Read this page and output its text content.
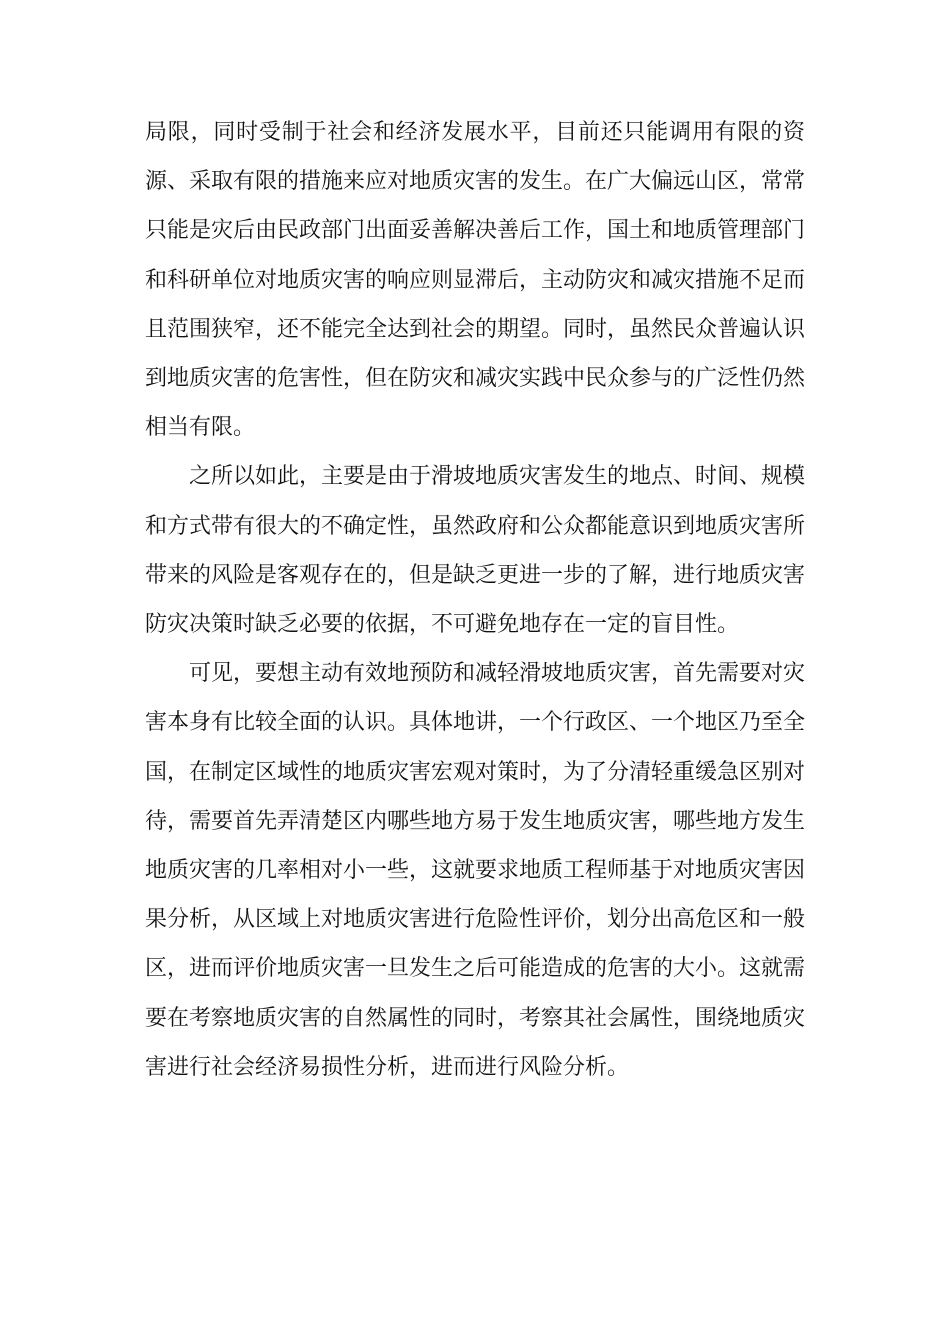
局限，同时受制于社会和经济发展水平，目前还只能调用有限的资源、采取有限的措施来应对地质灾害的发生。在广大偏远山区，常常只能是灾后由民政部门出面妥善解决善后工作，国土和地质管理部门和科研单位对地质灾害的响应则显滞后，主动防灾和减灾措施不足而且范围狭窄，还不能完全达到社会的期望。同时，虽然民众普遍认识到地质灾害的危害性，但在防灾和减灾实践中民众参与的广泛性仍然相当有限。

之所以如此，主要是由于滑坡地质灾害发生的地点、时间、规模和方式带有很大的不确定性，虽然政府和公众都能意识到地质灾害所带来的风险是客观存在的，但是缺乏更进一步的了解，进行地质灾害防灾决策时缺乏必要的依据，不可避免地存在一定的盲目性。

可见，要想主动有效地预防和减轻滑坡地质灾害，首先需要对灾害本身有比较全面的认识。具体地讲，一个行政区、一个地区乃至全国，在制定区域性的地质灾害宏观对策时，为了分清轻重缓急区别对待，需要首先弄清楚区内哪些地方易于发生地质灾害，哪些地方发生地质灾害的几率相对小一些，这就要求地质工程师基于对地质灾害因果分析，从区域上对地质灾害进行危险性评价，划分出高危区和一般区，进而评价地质灾害一旦发生之后可能造成的危害的大小。这就需要在考察地质灾害的自然属性的同时，考察其社会属性，围绕地质灾害进行社会经济易损性分析，进而进行风险分析。
